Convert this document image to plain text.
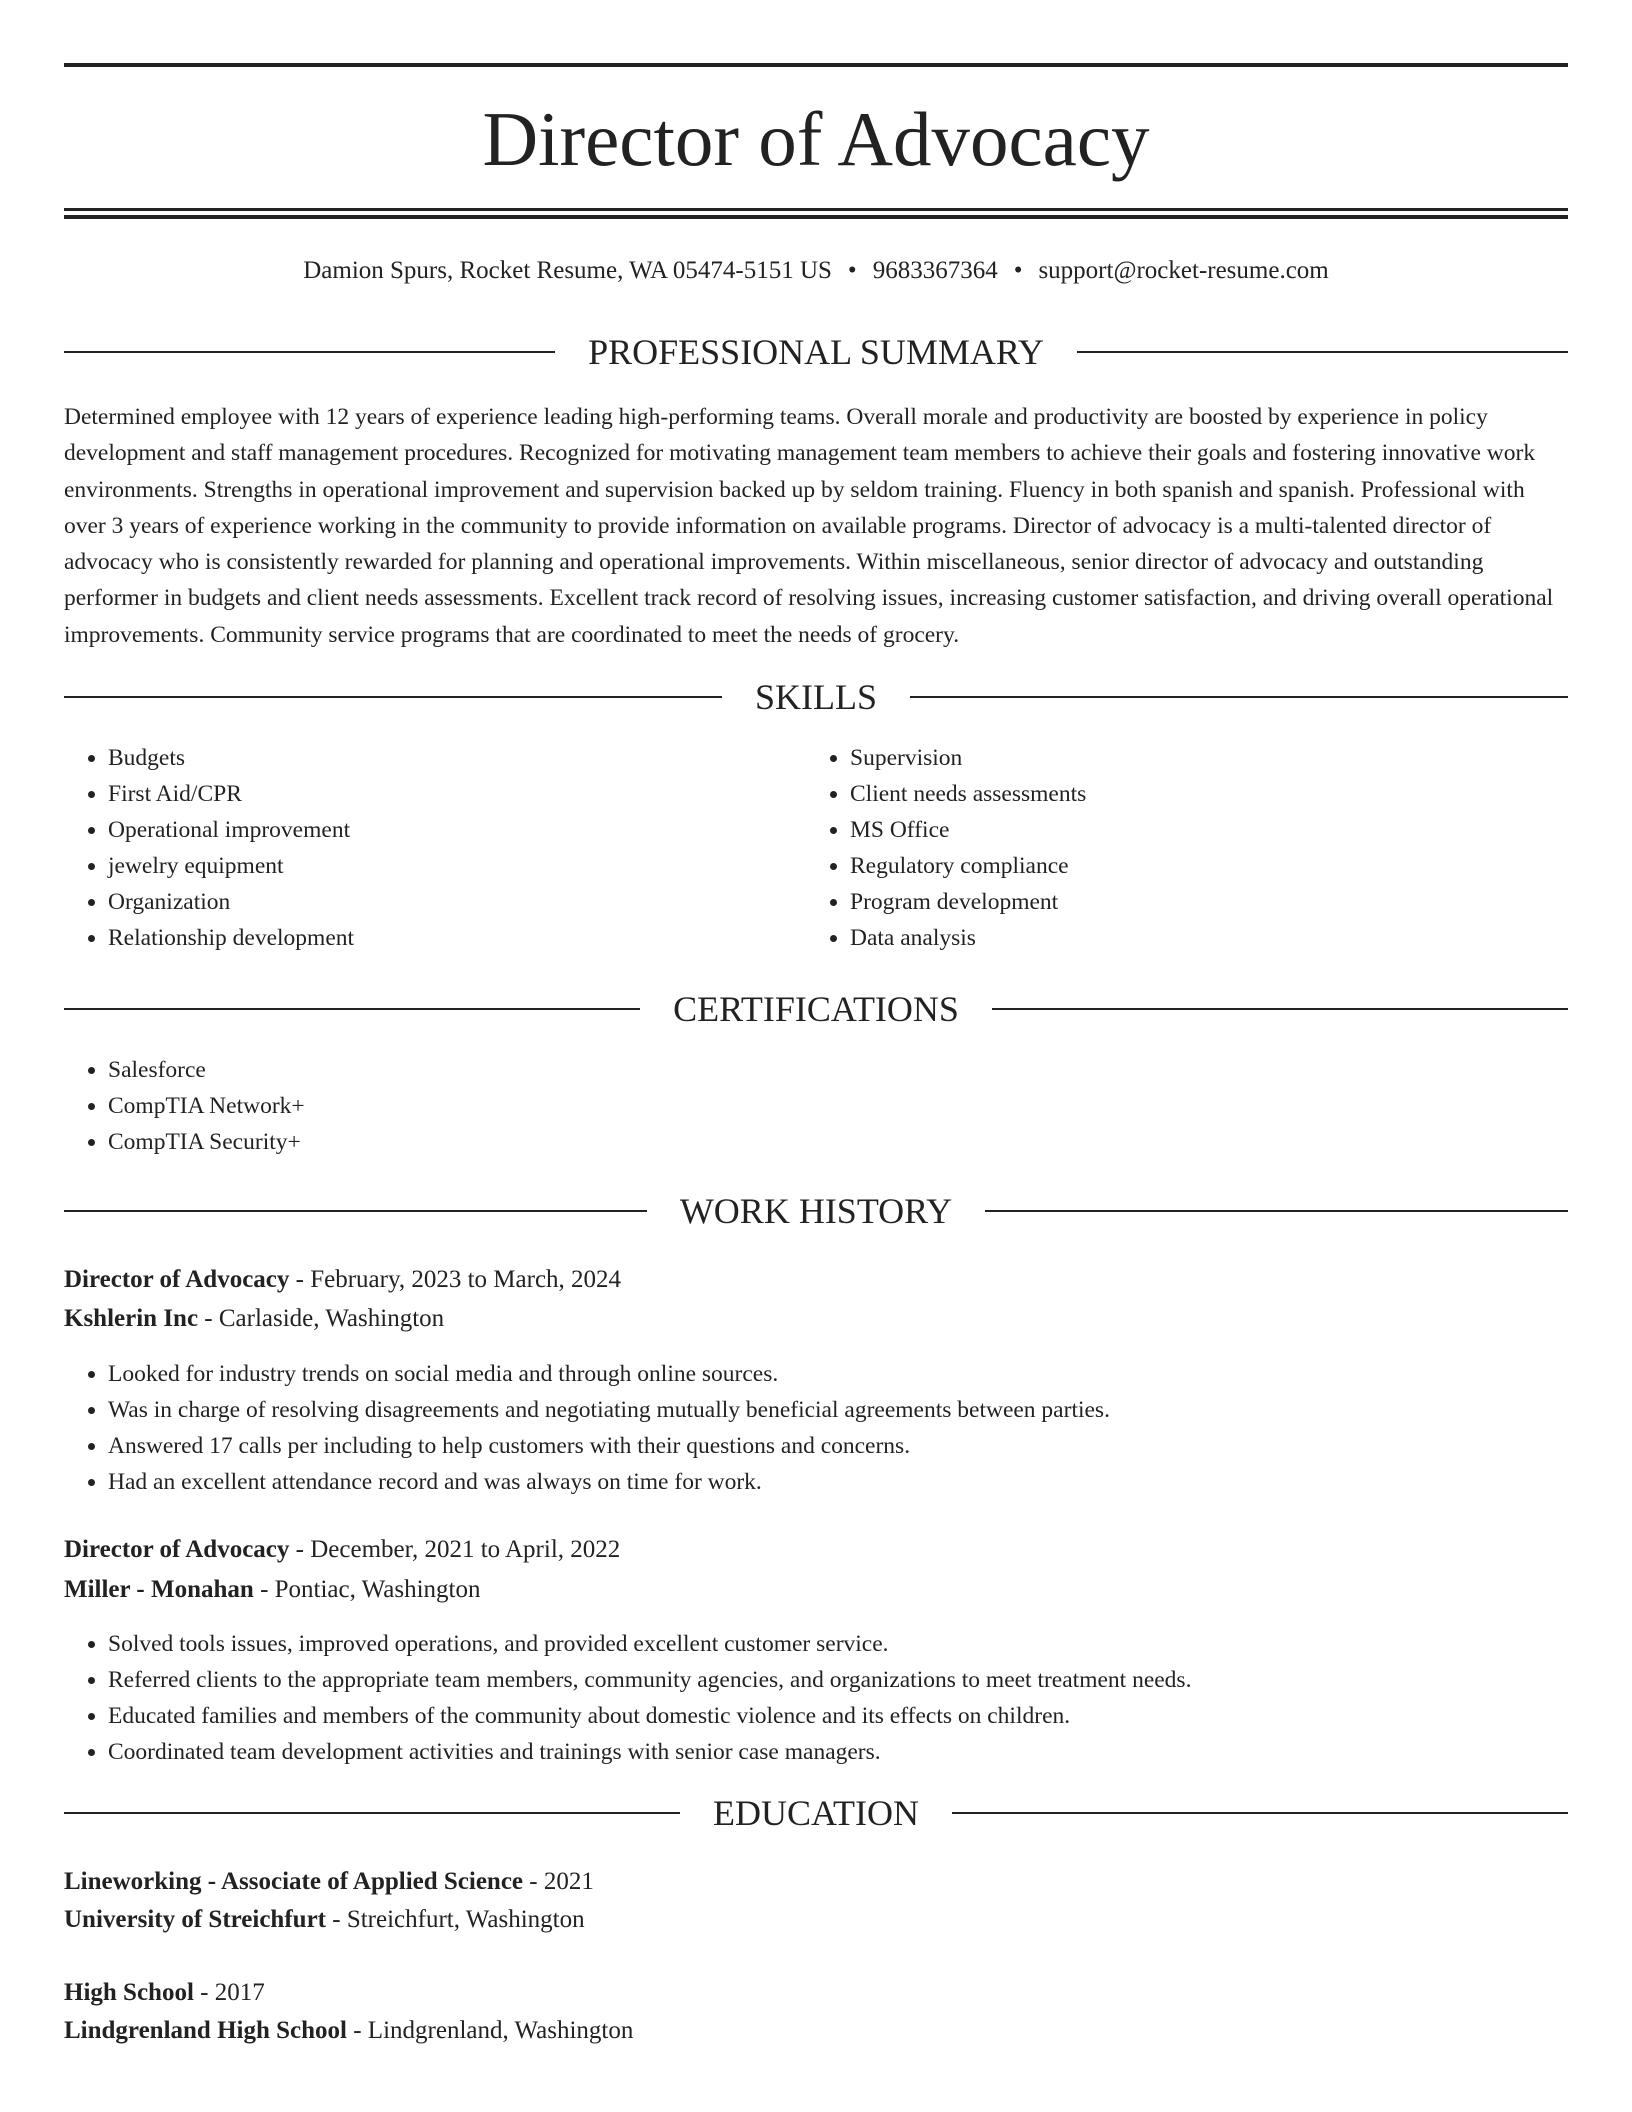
Director of Advocacy
Damion Spurs, Rocket Resume, WA 05474-5151 US • 9683367364 • support@rocket-resume.com
PROFESSIONAL SUMMARY

Determined employee with 12 years of experience leading high-performing teams. Overall morale and productivity are boosted by experience in policy development and staff management procedures. Recognized for motivating management team members to achieve their goals and fostering innovative work environments. Strengths in operational improvement and supervision backed up by seldom training. Fluency in both spanish and spanish. Professional with over 3 years of experience working in the community to provide information on available programs. Director of advocacy is a multi-talented director of advocacy who is consistently rewarded for planning and operational improvements. Within miscellaneous, senior director of advocacy and outstanding performer in budgets and client needs assessments. Excellent track record of resolving issues, increasing customer satisfaction, and driving overall operational improvements. Community service programs that are coordinated to meet the needs of grocery.

SKILLS
• Budgets
• First Aid/CPR
• Operational improvement
• jewelry equipment
• Organization
• Relationship development
• Supervision
• Client needs assessments
• MS Office
• Regulatory compliance
• Program development
• Data analysis
CERTIFICATIONS
• Salesforce
• CompTIA Network+
• CompTIA Security+
WORK HISTORY
Director of Advocacy - February, 2023 to March, 2024
Kshlerin Inc - Carlaside, Washington
• Looked for industry trends on social media and through online sources.
• Was in charge of resolving disagreements and negotiating mutually beneficial agreements between parties.
• Answered 17 calls per including to help customers with their questions and concerns.
• Had an excellent attendance record and was always on time for work.
Director of Advocacy - December, 2021 to April, 2022
Miller - Monahan - Pontiac, Washington
• Solved tools issues, improved operations, and provided excellent customer service.
• Referred clients to the appropriate team members, community agencies, and organizations to meet treatment needs.
• Educated families and members of the community about domestic violence and its effects on children.
• Coordinated team development activities and trainings with senior case managers.
EDUCATION
Lineworking - Associate of Applied Science - 2021
University of Streichfurt - Streichfurt, Washington
High School - 2017
Lindgrenland High School - Lindgrenland, Washington
